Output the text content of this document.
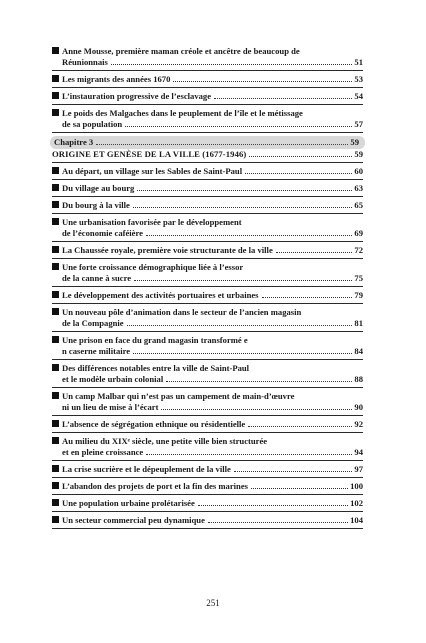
Anne Mousse, première maman créole et ancêtre de beaucoup de
Réunionnais	51
Les migrants des années 1670	53
L’instauration progressive de l’esclavage	54
Le poids des Malgaches dans le peuplement de l’île et le métissage
de sa population	57
Chapitre 3	59
ORIGINE ET GENÈSE DE LA VILLE (1677-1946)	59
Au départ, un village sur les Sables de Saint-Paul	60
Du village au bourg	63
Du bourg à la ville	65
Une urbanisation favorisée par le développement
de l’économie caféière	69
La Chaussée royale, première voie structurante de la ville	72
Une forte croissance démographique liée à l’essor
de la canne à sucre	75
Le développement des activités portuaires et urbaines	79
Un nouveau pôle d’animation dans le secteur de l’ancien magasin
de la Compagnie	81
Une prison en face du grand magasin transformé e
n caserne militaire	84
Des différences notables entre la ville de Saint-Paul
et le modèle urbain colonial	88
Un camp Malbar qui n’est pas un campement de main-d’œuvre
ni un lieu de mise à l’écart	90
L’absence de ségrégation ethnique ou résidentielle	92
Au milieu du XIXᵉ siècle, une petite ville bien structurée
et en pleine croissance	94
La crise sucrière et le dépeuplement de la ville	97
L’abandon des projets de port et la fin des marines	100
Une population urbaine prolétarisée	102
Un secteur commercial peu dynamique	104
251
